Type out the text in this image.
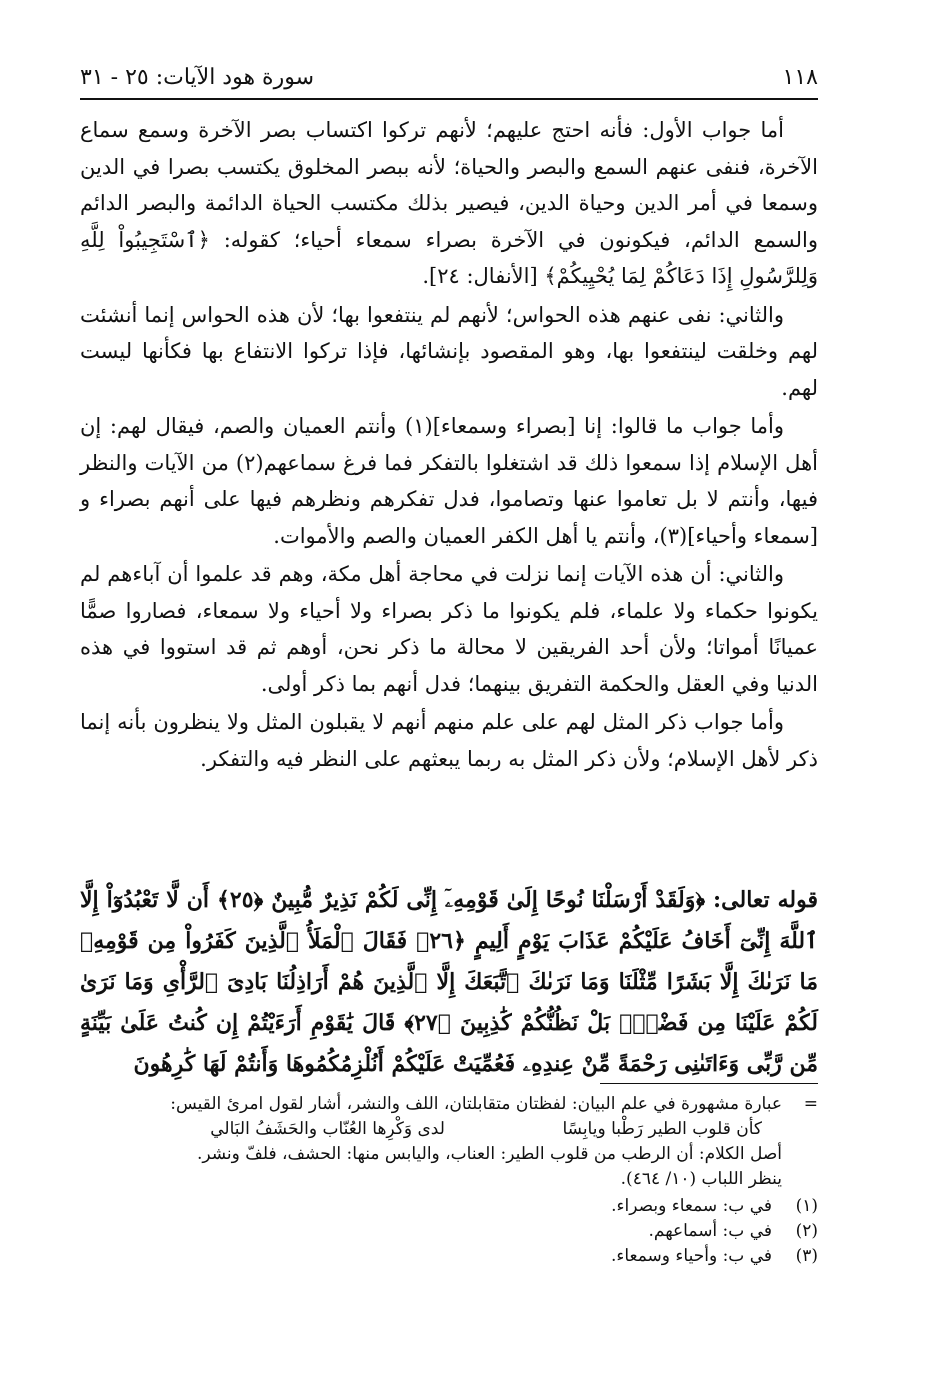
١١٨
سورة هود الآيات: ٢٥ - ٣١

أما جواب الأول: فأنه احتج عليهم؛ لأنهم تركوا اكتساب بصر الآخرة وسمع سماع الآخرة، فنفى عنهم السمع والبصر والحياة؛ لأنه ببصر المخلوق يكتسب بصرا في الدين وسمعا في أمر الدين وحياة الدين، فيصير بذلك مكتسب الحياة الدائمة والبصر الدائم والسمع الدائم، فيكونون في الآخرة بصراء سمعاء أحياء؛ كقوله: ﴿ٱسْتَجِيبُواْ لِلَّهِ وَلِلرَّسُولِ إِذَا دَعَاكُمْ لِمَا يُحْيِيكُمْ﴾ [الأنفال: ٢٤].

والثاني: نفى عنهم هذه الحواس؛ لأنهم لم ينتفعوا بها؛ لأن هذه الحواس إنما أنشئت لهم وخلقت لينتفعوا بها، وهو المقصود بإنشائها، فإذا تركوا الانتفاع بها فكأنها ليست لهم.

وأما جواب ما قالوا: إنا [بصراء وسمعاء](١) وأنتم العميان والصم، فيقال لهم: إن أهل الإسلام إذا سمعوا ذلك قد اشتغلوا بالتفكر فما فرغ سماعهم(٢) من الآيات والنظر فيها، وأنتم لا بل تعاموا عنها وتصاموا، فدل تفكرهم ونظرهم فيها على أنهم بصراء و [سمعاء وأحياء](٣)، وأنتم يا أهل الكفر العميان والصم والأموات.

والثاني: أن هذه الآيات إنما نزلت في محاجة أهل مكة، وهم قد علموا أن آباءهم لم يكونوا حكماء ولا علماء، فلم يكونوا ما ذكر بصراء ولا أحياء ولا سمعاء، فصاروا صمًّا عميانًا أمواتا؛ ولأن أحد الفريقين لا محالة ما ذكر نحن، أوهم ثم قد استووا في هذه الدنيا وفي العقل والحكمة التفريق بينهما؛ فدل أنهم بما ذكر أولى.

وأما جواب ذكر المثل لهم على علم منهم أنهم لا يقبلون المثل ولا ينظرون بأنه إنما ذكر لأهل الإسلام؛ ولأن ذكر المثل به ربما يبعثهم على النظر فيه والتفكر.

قوله تعالى: ﴿وَلَقَدْ أَرْسَلْنَا نُوحًا إِلَىٰ قَوْمِهِۦٓ إِنِّى لَكُمْ نَذِيرٌ مُّبِينٌ ﴿٢٥﴾ أَن لَّا تَعْبُدُوٓاْ إِلَّا ٱللَّهَ إِنِّىٓ أَخَافُ عَلَيْكُمْ عَذَابَ يَوْمٍ أَلِيمٍ ﴿٢٦﴾ فَقَالَ ٱلْمَلَأُ ٱلَّذِينَ كَفَرُواْ مِن قَوْمِهِۦ مَا نَرَىٰكَ إِلَّا بَشَرًا مِّثْلَنَا وَمَا نَرَىٰكَ ٱتَّبَعَكَ إِلَّا ٱلَّذِينَ هُمْ أَرَاذِلُنَا بَادِىَ ٱلرَّأْىِ وَمَا نَرَىٰ لَكُمْ عَلَيْنَا مِن فَضْلٍۭ بَلْ نَظُنُّكُمْ كَٰذِبِينَ ﴿٢٧﴾ قَالَ يَٰقَوْمِ أَرَءَيْتُمْ إِن كُنتُ عَلَىٰ بَيِّنَةٍ مِّن رَّبِّى وَءَاتَىٰنِى رَحْمَةً مِّنْ عِندِهِۦ فَعُمِّيَتْ عَلَيْكُمْ أَنُلْزِمُكُمُوهَا وَأَنتُمْ لَهَا كَٰرِهُونَ
=

عبارة مشهورة في علم البيان: لفظتان متقابلتان، اللف والنشر، أشار لقول امرئ القيس:

كأن قلوب الطير رَطْبا ويابِسًا
لدى وَكْرِها العُنّاب والحَشَفُ البَالي

أصل الكلام: أن الرطب من قلوب الطير: العناب، واليابس منها: الحشف، فلفّ ونشر.

ينظر اللباب (١٠/ ٤٦٤).

(١)
في ب: سمعاء وبصراء.
(٢)
في ب: أسماعهم.
(٣)
في ب: وأحياء وسمعاء.
